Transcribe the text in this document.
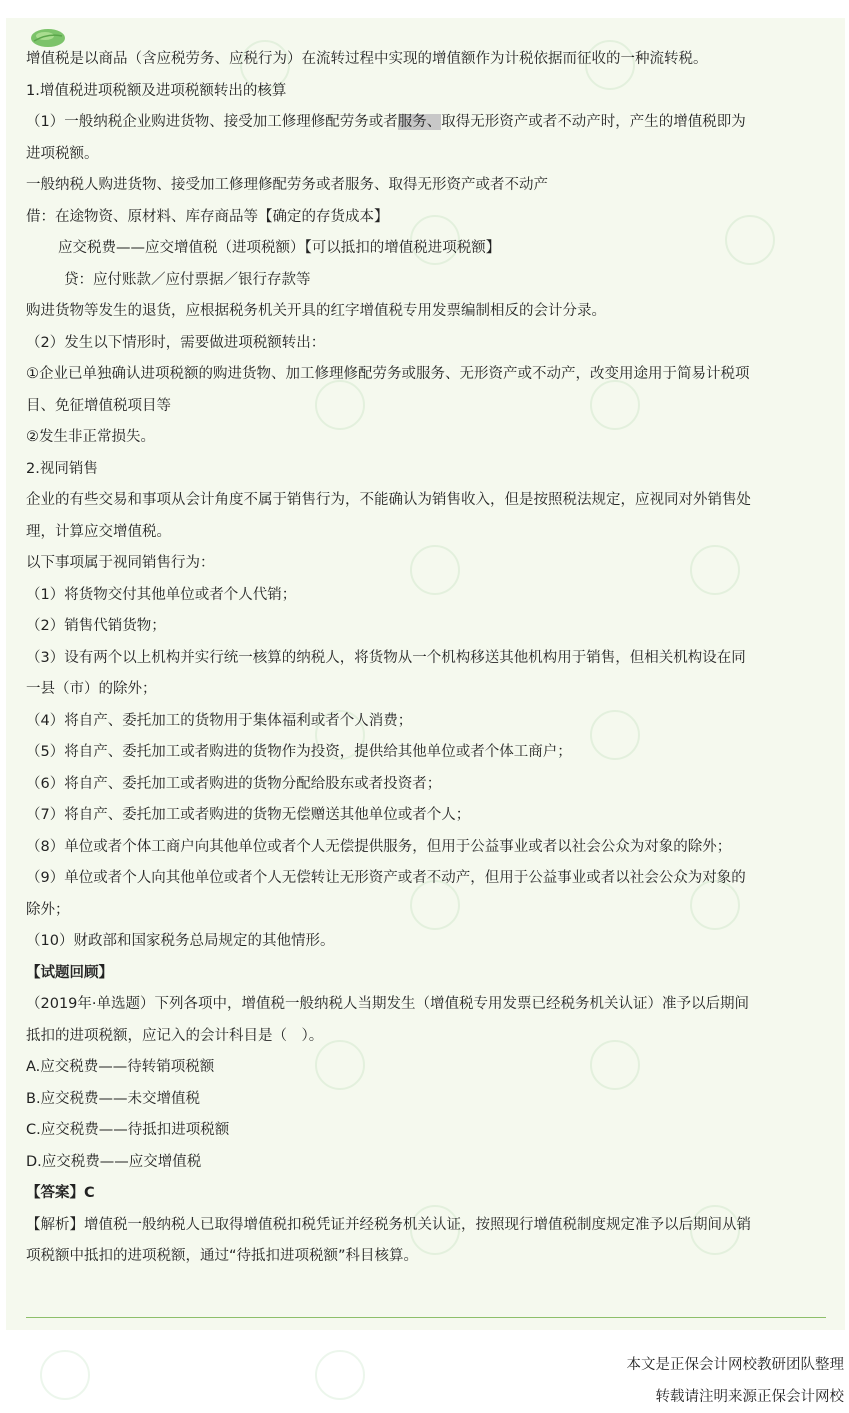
增值税是以商品（含应税劳务、应税行为）在流转过程中实现的增值额作为计税依据而征收的一种流转税。
1.增值税进项税额及进项税额转出的核算
（1）一般纳税企业购进货物、接受加工修理修配劳务或者服务、取得无形资产或者不动产时，产生的增值税即为
进项税额。
一般纳税人购进货物、接受加工修理修配劳务或者服务、取得无形资产或者不动产
借：在途物资、原材料、库存商品等【确定的存货成本】
应交税费——应交增值税（进项税额）【可以抵扣的增值税进项税额】
贷：应付账款／应付票据／银行存款等
购进货物等发生的退货，应根据税务机关开具的红字增值税专用发票编制相反的会计分录。
（2）发生以下情形时，需要做进项税额转出：
①企业已单独确认进项税额的购进货物、加工修理修配劳务或服务、无形资产或不动产，改变用途用于简易计税项
目、免征增值税项目等
②发生非正常损失。
2.视同销售
企业的有些交易和事项从会计角度不属于销售行为，不能确认为销售收入，但是按照税法规定，应视同对外销售处
理，计算应交增值税。
以下事项属于视同销售行为：
（1）将货物交付其他单位或者个人代销；
（2）销售代销货物；
（3）设有两个以上机构并实行统一核算的纳税人，将货物从一个机构移送其他机构用于销售，但相关机构设在同
一县（市）的除外；
（4）将自产、委托加工的货物用于集体福利或者个人消费；
（5）将自产、委托加工或者购进的货物作为投资，提供给其他单位或者个体工商户；
（6）将自产、委托加工或者购进的货物分配给股东或者投资者；
（7）将自产、委托加工或者购进的货物无偿赠送其他单位或者个人；
（8）单位或者个体工商户向其他单位或者个人无偿提供服务，但用于公益事业或者以社会公众为对象的除外；
（9）单位或者个人向其他单位或者个人无偿转让无形资产或者不动产，但用于公益事业或者以社会公众为对象的
除外；
（10）财政部和国家税务总局规定的其他情形。
【试题回顾】
（2019年·单选题）下列各项中，增值税一般纳税人当期发生（增值税专用发票已经税务机关认证）准予以后期间
抵扣的进项税额，应记入的会计科目是（　）。
A.应交税费——待转销项税额
B.应交税费——未交增值税
C.应交税费——待抵扣进项税额
D.应交税费——应交增值税
【答案】C
【解析】增值税一般纳税人已取得增值税扣税凭证并经税务机关认证，按照现行增值税制度规定准予以后期间从销
项税额中抵扣的进项税额，通过“待抵扣进项税额”科目核算。
本文是正保会计网校教研团队整理
转载请注明来源正保会计网校
